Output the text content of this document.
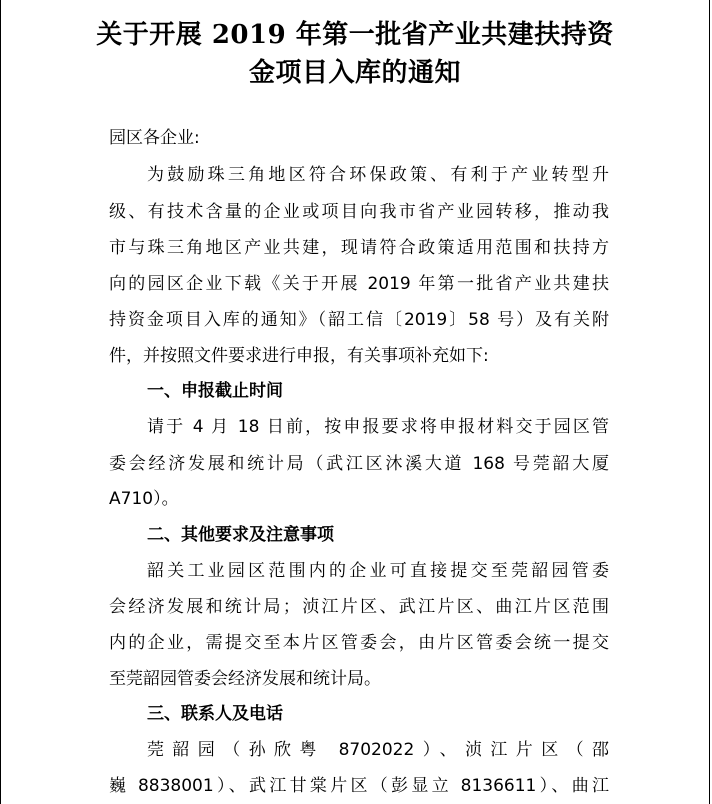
关于开展 2019 年第一批省产业共建扶持资
金项目入库的通知
园区各企业:
为鼓励珠三角地区符合环保政策、有利于产业转型升
级、有技术含量的企业或项目向我市省产业园转移，推动我
市与珠三角地区产业共建，现请符合政策适用范围和扶持方
向的园区企业下载《关于开展 2019 年第一批省产业共建扶
持资金项目入库的通知》（韶工信〔2019〕58 号）及有关附
件，并按照文件要求进行申报，有关事项补充如下:
一、申报截止时间
请于 4 月 18 日前，按申报要求将申报材料交于园区管
委会经济发展和统计局（武江区沐溪大道 168 号莞韶大厦
A710）。
二、其他要求及注意事项
韶关工业园区范围内的企业可直接提交至莞韶园管委
会经济发展和统计局；浈江片区、武江片区、曲江片区范围
内的企业，需提交至本片区管委会，由片区管委会统一提交
至莞韶园管委会经济发展和统计局。
三、联系人及电话
莞韶园（孙欣粤 8702022）、浈江片区（邵
巍 8838001）、武江甘棠片区（彭显立 8136611）、曲江
